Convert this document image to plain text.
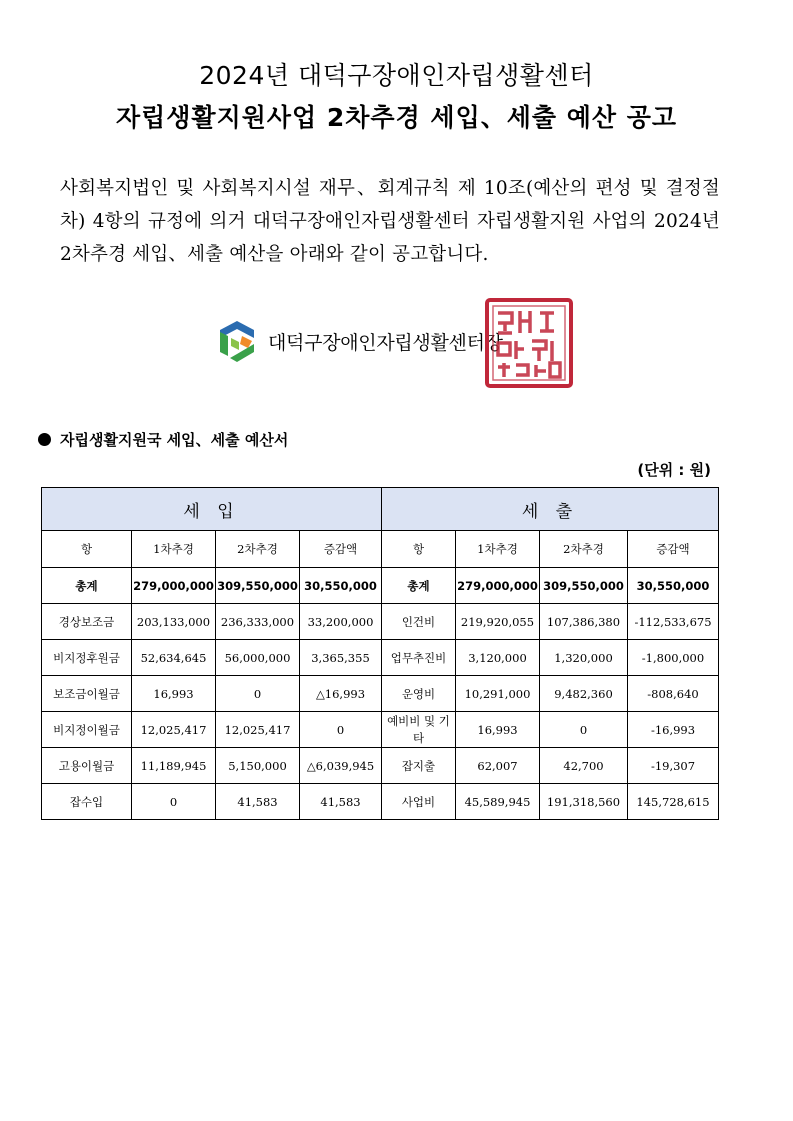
2024년 대덕구장애인자립생활센터
자립생활지원사업 2차추경 세입、세출 예산 공고
사회복지법인 및 사회복지시설 재무、회계규칙 제 10조(예산의 편성 및 결정절차) 4항의 규정에 의거 대덕구장애인자립생활센터 자립생활지원 사업의 2024년 2차추경 세입、세출 예산을 아래와 같이 공고합니다.
대덕구장애인자립생활센터장
자립생활지원국 세입、세출 예산서
(단위 : 원)
세 입				세 출			
항	1차추경	2차추경	증감액	항	1차추경	2차추경	증감액
총계	279,000,000	309,550,000	30,550,000	총계	279,000,000	309,550,000	30,550,000
경상보조금	203,133,000	236,333,000	33,200,000	인건비	219,920,055	107,386,380	-112,533,675
비지정후원금	52,634,645	56,000,000	3,365,355	업무추진비	3,120,000	1,320,000	-1,800,000
보조금이월금	16,993	0	△16,993	운영비	10,291,000	9,482,360	-808,640
비지정이월금	12,025,417	12,025,417	0	예비비 및 기타	16,993	0	-16,993
고용이월금	11,189,945	5,150,000	△6,039,945	잡지출	62,007	42,700	-19,307
잡수입	0	41,583	41,583	사업비	45,589,945	191,318,560	145,728,615
